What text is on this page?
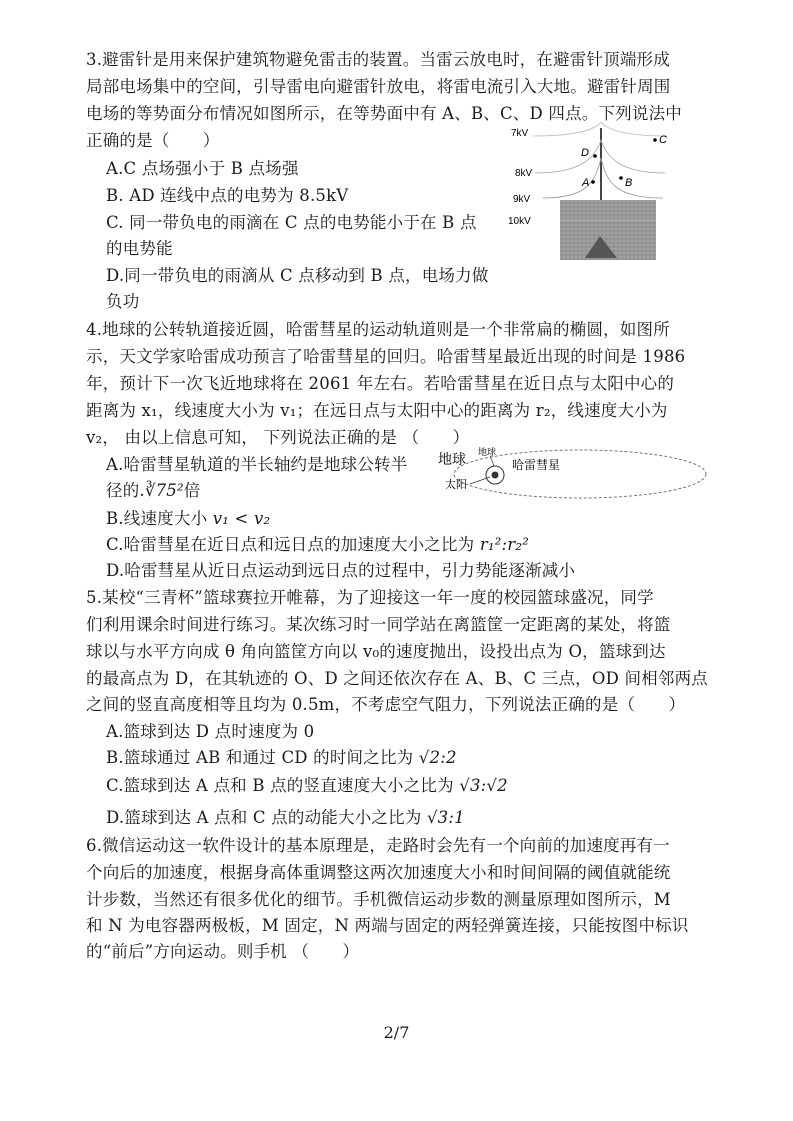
3.避雷针是用来保护建筑物避免雷击的装置。当雷云放电时，在避雷针顶端形成
局部电场集中的空间，引导雷电向避雷针放电，将雷电流引入大地。避雷针周围
电场的等势面分布情况如图所示，在等势面中有 A、B、C、D 四点。下列说法中
正确的是（　　）
A.C 点场强小于 B 点场强
B. AD 连线中点的电势为 8.5kV
C. 同一带负电的雨滴在 C 点的电势能小于在 B 点
的电势能
D.同一带负电的雨滴从 C 点移动到 B 点，电场力做
负功
7kV
8kV
9kV
10kV
D
C
A	B
4.地球的公转轨道接近圆，哈雷彗星的运动轨道则是一个非常扁的椭圆，如图所
示，天文学家哈雷成功预言了哈雷彗星的回归。哈雷彗星最近出现的时间是 1986
年，预计下一次飞近地球将在 2061 年左右。若哈雷彗星在近日点与太阳中心的
距离为 x₁，线速度大小为 v₁；在远日点与太阳中心的距离为 r₂，线速度大小为
v₂， 由以上信息可知， 下列说法正确的是 （　　）
A.哈雷彗星轨道的半长轴约是地球公转半
径的.∛75²倍
B.线速度大小 v₁ < v₂
C.哈雷彗星在近日点和远日点的加速度大小之比为 r₁²:r₂²
D.哈雷彗星从近日点运动到远日点的过程中，引力势能逐渐减小
地球 地球
太阳
哈雷彗星
5.某校“三青杯”篮球赛拉开帷幕，为了迎接这一年一度的校园篮球盛况，同学
们利用课余时间进行练习。某次练习时一同学站在离篮筐一定距离的某处，将篮
球以与水平方向成 θ 角向篮筐方向以 v₀的速度抛出，设投出点为 O，篮球到达
的最高点为 D，在其轨迹的 O、D 之间还依次存在 A、B、C 三点，OD 间相邻两点
之间的竖直高度相等且均为 0.5m，不考虑空气阻力，下列说法正确的是（　　）
A.篮球到达 D 点时速度为 0
B.篮球通过 AB 和通过 CD 的时间之比为 √2:2
C.篮球到达 A 点和 B 点的竖直速度大小之比为 √3:√2
D.篮球到达 A 点和 C 点的动能大小之比为 √3:1
6.微信运动这一软件设计的基本原理是，走路时会先有一个向前的加速度再有一
个向后的加速度，根据身高体重调整这两次加速度大小和时间间隔的阈值就能统
计步数，当然还有很多优化的细节。手机微信运动步数的测量原理如图所示，M
和 N 为电容器两极板，M 固定，N 两端与固定的两轻弹簧连接，只能按图中标识
的“前后”方向运动。则手机 （　　）
2/7
